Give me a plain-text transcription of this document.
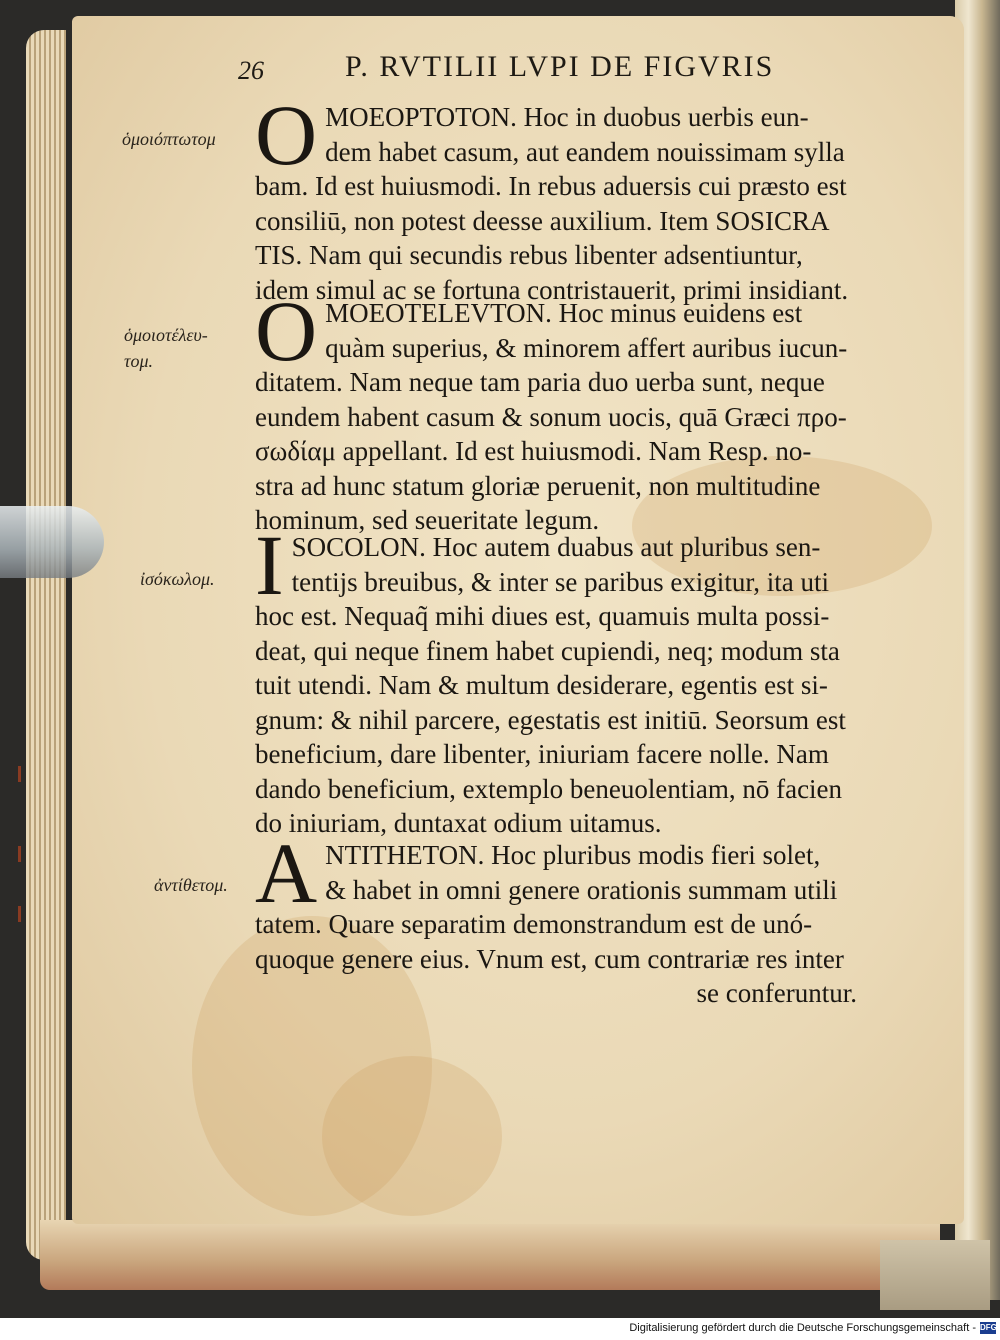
26	P. RVTILII LVPI DE FIGVRIS
ὁμοιόπτωτομ O MOEOPTOTON. Hoc in duobus uerbis eun-
dem habet casum, aut eandem nouissimam sylla
bam. Id est huiusmodi. In rebus aduersis cui præsto est
consiliū, non potest deesse auxilium. Item SOSICRA
TIS. Nam qui secundis rebus libenter adsentiuntur,
idem simul ac se fortuna contristauerit, primi insidiant.
ὁμοιοτέλευ-
τομ.	O MOEOTELEVTON. Hoc minus euidens est
quàm superius, & minorem affert auribus iucun-
ditatem. Nam neque tam paria duo uerba sunt, neque
eundem habent casum & sonum uocis, quā Græci προ-
σωδίαμ appellant. Id est huiusmodi. Nam Resp. no-
stra ad hunc statum gloriæ peruenit, non multitudine
hominum, sed seueritate legum.
ἰσόκωλομ. I SOCOLON. Hoc autem duabus aut pluribus sen-
tentijs breuibus, & inter se paribus exigitur, ita uti
hoc est. Nequaq̃ mihi diues est, quamuis multa possi-
deat, qui neque finem habet cupiendi, neq; modum sta
tuit utendi. Nam & multum desiderare, egentis est si-
gnum: & nihil parcere, egestatis est initiū. Seorsum est
beneficium, dare libenter, iniuriam facere nolle. Nam
dando beneficium, extemplo beneuolentiam, nō facien
do iniuriam, duntaxat odium uitamus.
ἀντίθετομ. A NTITHETON. Hoc pluribus modis fieri solet,
& habet in omni genere orationis summam utili
tatem. Quare separatim demonstrandum est de unó-
quoque genere eius. Vnum est, cum contrariæ res inter
se conferuntur.
Digitalisierung gefördert durch die Deutsche Forschungsgemeinschaft - DFG
